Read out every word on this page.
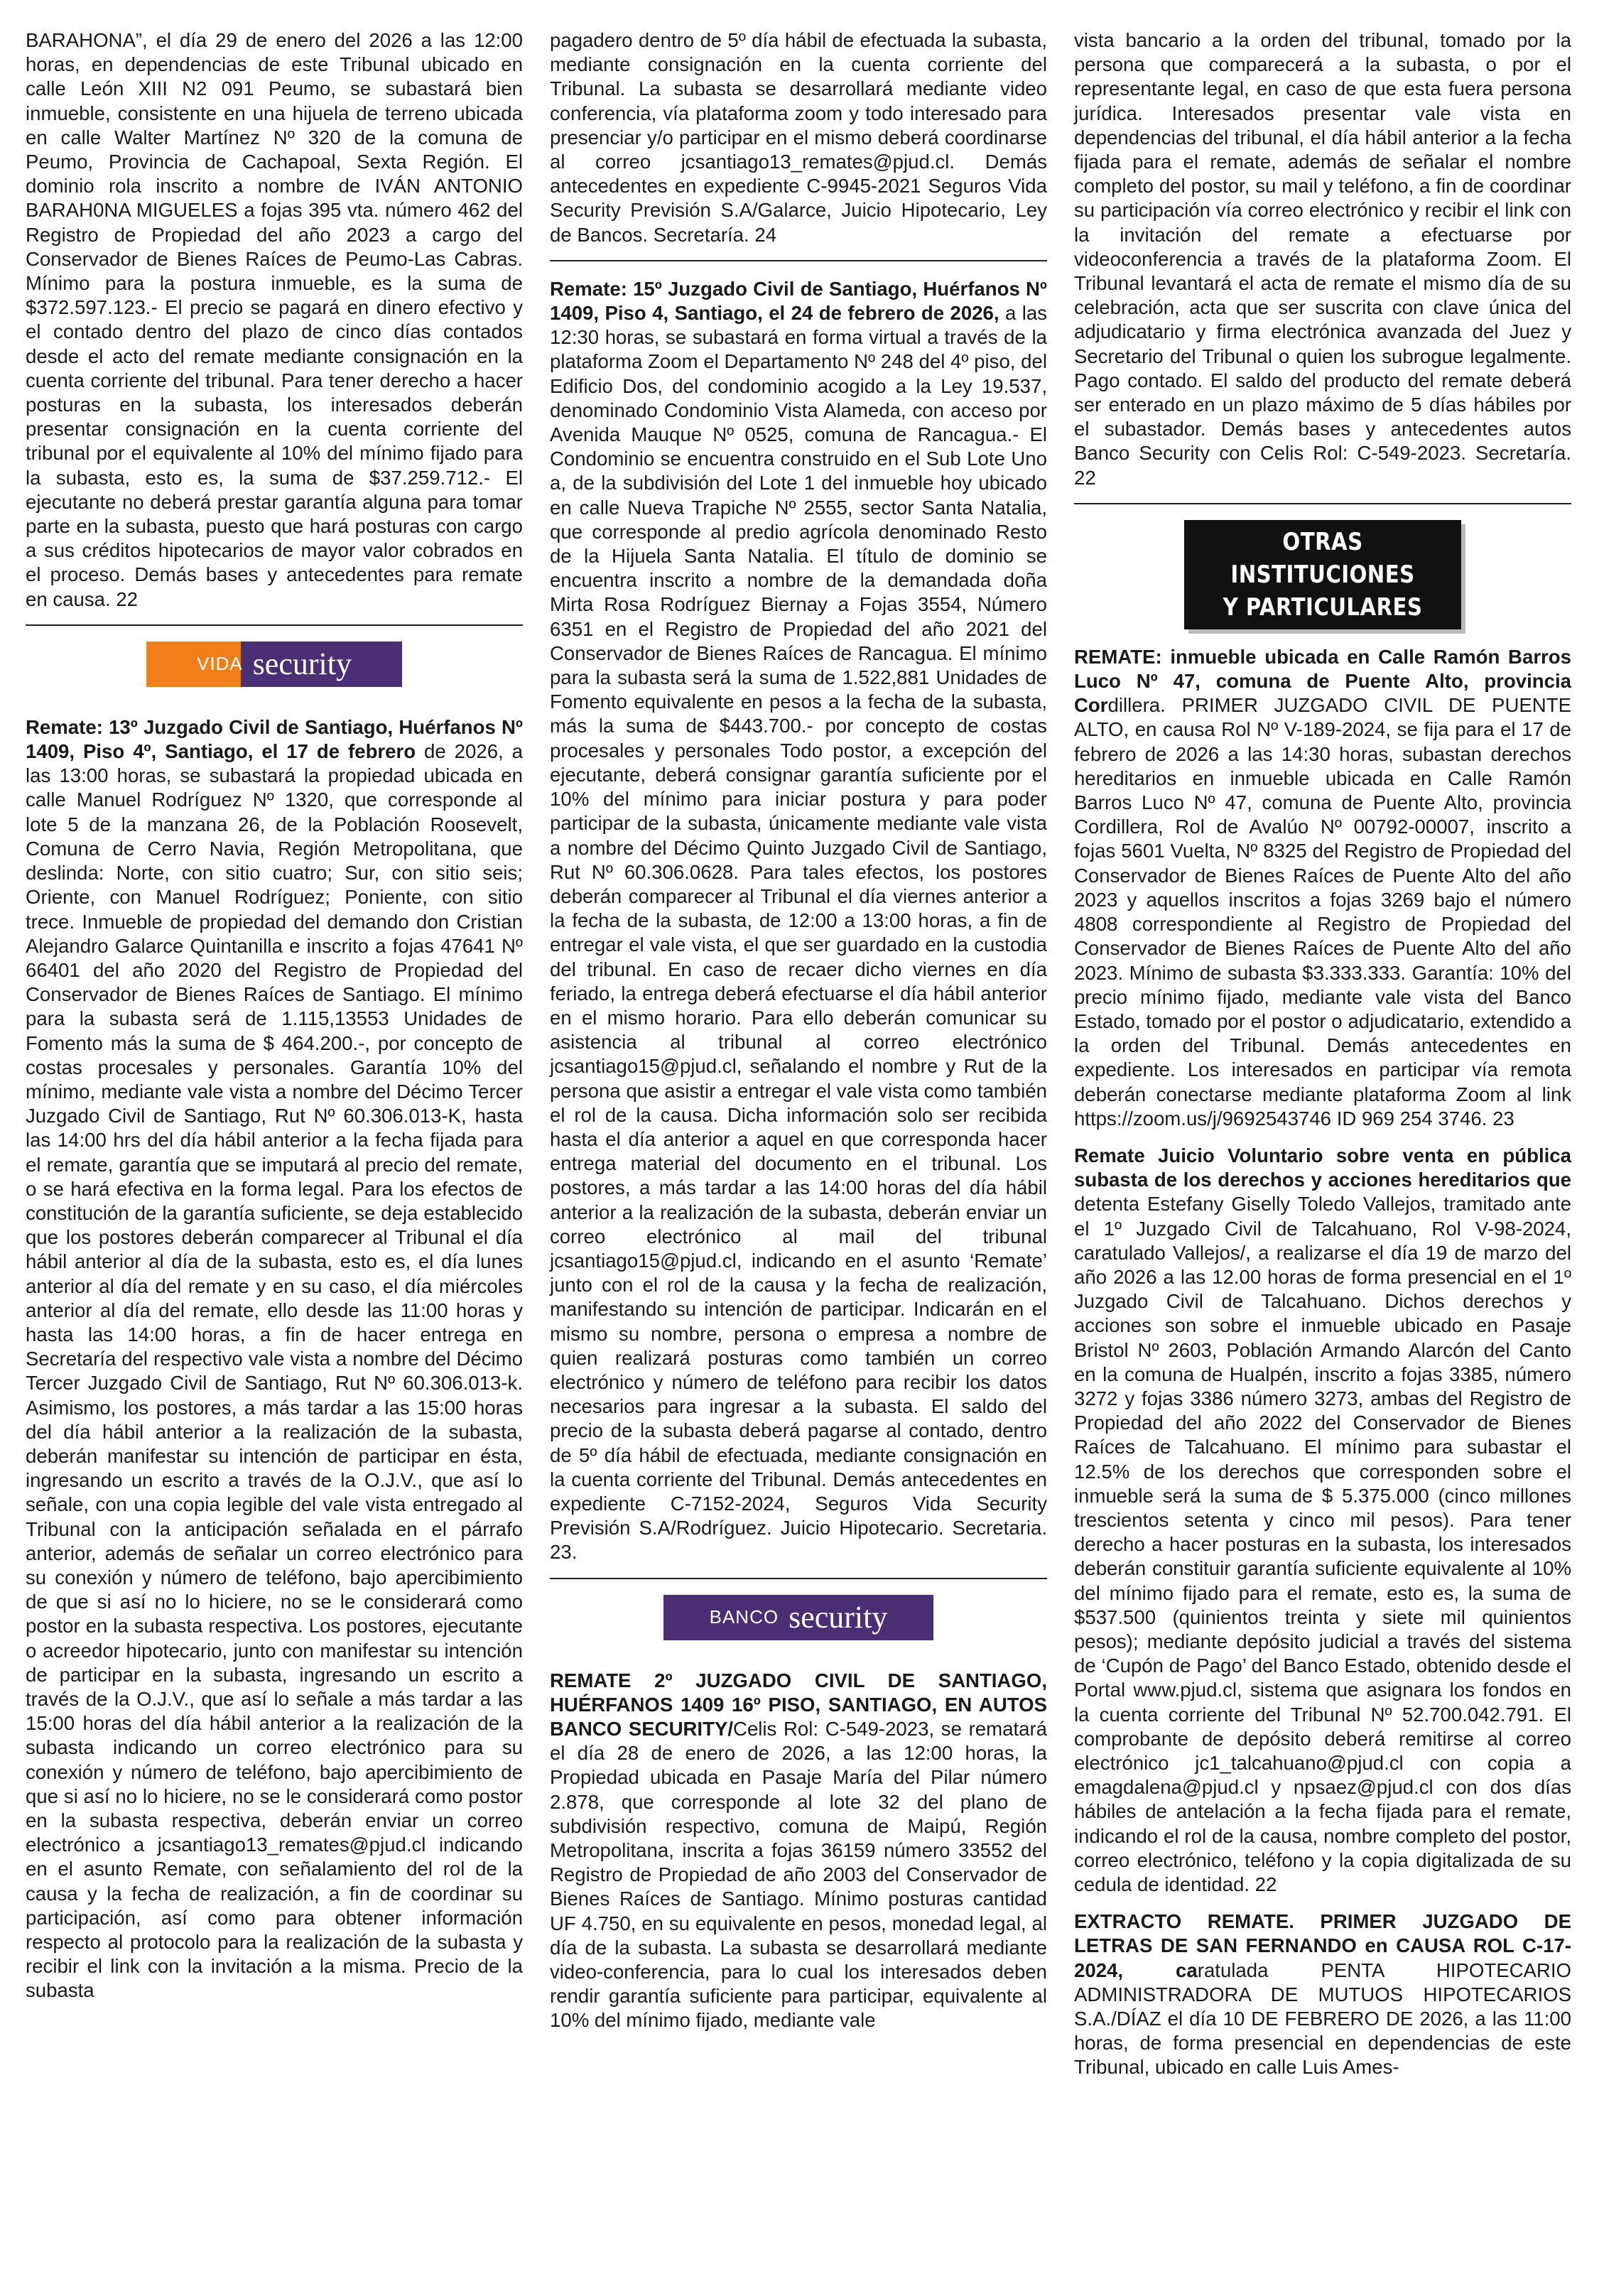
BARAHONA”, el día 29 de enero del 2026 a las 12:00 horas, en dependencias de este Tribunal ubicado en calle León XIII N2 091 Peumo, se subastará bien inmueble, consistente en una hijuela de terreno ubicada en calle Walter Martínez Nº 320 de la comuna de Peumo, Provincia de Cachapoal, Sexta Región. El dominio rola inscrito a nombre de IVÁN ANTONIO BARAH0NA MIGUELES a fojas 395 vta. número 462 del Registro de Propiedad del año 2023 a cargo del Conservador de Bienes Raíces de Peumo-Las Cabras. Mínimo para la postura inmueble, es la suma de $372.597.123.- El precio se pagará en dinero efectivo y el contado dentro del plazo de cinco días contados desde el acto del remate mediante consignación en la cuenta corriente del tribunal. Para tener derecho a hacer posturas en la subasta, los interesados deberán presentar consignación en la cuenta corriente del tribunal por el equivalente al 10% del mínimo fijado para la subasta, esto es, la suma de $37.259.712.- El ejecutante no deberá prestar garantía alguna para tomar parte en la subasta, puesto que hará posturas con cargo a sus créditos hipotecarios de mayor valor cobrados en el proceso. Demás bases y antecedentes para remate en causa. 22

VIDA security

Remate: 13º Juzgado Civil de Santiago, Huérfanos Nº 1409, Piso 4º, Santiago, el 17 de febrero de 2026, a las 13:00 horas, se subastará la propiedad ubicada en calle Manuel Rodríguez Nº 1320, que corresponde al lote 5 de la manzana 26, de la Población Roosevelt, Comuna de Cerro Navia, Región Metropolitana, que deslinda: Norte, con sitio cuatro; Sur, con sitio seis; Oriente, con Manuel Rodríguez; Poniente, con sitio trece. Inmueble de propiedad del demando don Cristian Alejandro Galarce Quintanilla e inscrito a fojas 47641 Nº 66401 del año 2020 del Registro de Propiedad del Conservador de Bienes Raíces de Santiago. El mínimo para la subasta será de 1.115,13553 Unidades de Fomento más la suma de $ 464.200.-, por concepto de costas procesales y personales. Garantía 10% del mínimo, mediante vale vista a nombre del Décimo Tercer Juzgado Civil de Santiago, Rut Nº 60.306.013-K, hasta las 14:00 hrs del día hábil anterior a la fecha fijada para el remate, garantía que se imputará al precio del remate, o se hará efectiva en la forma legal. Para los efectos de constitución de la garantía suficiente, se deja establecido que los postores deberán comparecer al Tribunal el día hábil anterior al día de la subasta, esto es, el día lunes anterior al día del remate y en su caso, el día miércoles anterior al día del remate, ello desde las 11:00 horas y hasta las 14:00 horas, a fin de hacer entrega en Secretaría del respectivo vale vista a nombre del Décimo Tercer Juzgado Civil de Santiago, Rut Nº 60.306.013-k. Asimismo, los postores, a más tardar a las 15:00 horas del día hábil anterior a la realización de la subasta, deberán manifestar su intención de participar en ésta, ingresando un escrito a través de la O.J.V., que así lo señale, con una copia legible del vale vista entregado al Tribunal con la anticipación señalada en el párrafo anterior, además de señalar un correo electrónico para su conexión y número de teléfono, bajo apercibimiento de que si así no lo hiciere, no se le considerará como postor en la subasta respectiva. Los postores, ejecutante o acreedor hipotecario, junto con manifestar su intención de participar en la subasta, ingresando un escrito a través de la O.J.V., que así lo señale a más tardar a las 15:00 horas del día hábil anterior a la realización de la subasta indicando un correo electrónico para su conexión y número de teléfono, bajo apercibimiento de que si así no lo hiciere, no se le considerará como postor en la subasta respectiva, deberán enviar un correo electrónico a jcsantiago13_remates@pjud.cl indicando en el asunto Remate, con señalamiento del rol de la causa y la fecha de realización, a fin de coordinar su participación, así como para obtener información respecto al protocolo para la realización de la subasta y recibir el link con la invitación a la misma. Precio de la subasta

pagadero dentro de 5º día hábil de efectuada la subasta, mediante consignación en la cuenta corriente del Tribunal. La subasta se desarrollará mediante video conferencia, vía plataforma zoom y todo interesado para presenciar y/o participar en el mismo deberá coordinarse al correo jcsantiago13_remates@pjud.cl. Demás antecedentes en expediente C-9945-2021 Seguros Vida Security Previsión S.A/Galarce, Juicio Hipotecario, Ley de Bancos. Secretaría. 24

Remate: 15º Juzgado Civil de Santiago, Huérfanos Nº 1409, Piso 4, Santiago, el 24 de febrero de 2026, a las 12:30 horas, se subastará en forma virtual a través de la plataforma Zoom el Departamento Nº 248 del 4º piso, del Edificio Dos, del condominio acogido a la Ley 19.537, denominado Condominio Vista Alameda, con acceso por Avenida Mauque Nº 0525, comuna de Rancagua.- El Condominio se encuentra construido en el Sub Lote Uno a, de la subdivisión del Lote 1 del inmueble hoy ubicado en calle Nueva Trapiche Nº 2555, sector Santa Natalia, que corresponde al predio agrícola denominado Resto de la Hijuela Santa Natalia. El título de dominio se encuentra inscrito a nombre de la demandada doña Mirta Rosa Rodríguez Biernay a Fojas 3554, Número 6351 en el Registro de Propiedad del año 2021 del Conservador de Bienes Raíces de Rancagua. El mínimo para la subasta será la suma de 1.522,881 Unidades de Fomento equivalente en pesos a la fecha de la subasta, más la suma de $443.700.- por concepto de costas procesales y personales Todo postor, a excepción del ejecutante, deberá consignar garantía suficiente por el 10% del mínimo para iniciar postura y para poder participar de la subasta, únicamente mediante vale vista a nombre del Décimo Quinto Juzgado Civil de Santiago, Rut Nº 60.306.0628. Para tales efectos, los postores deberán comparecer al Tribunal el día viernes anterior a la fecha de la subasta, de 12:00 a 13:00 horas, a fin de entregar el vale vista, el que ser guardado en la custodia del tribunal. En caso de recaer dicho viernes en día feriado, la entrega deberá efectuarse el día hábil anterior en el mismo horario. Para ello deberán comunicar su asistencia al tribunal al correo electrónico jcsantiago15@pjud.cl, señalando el nombre y Rut de la persona que asistir a entregar el vale vista como también el rol de la causa. Dicha información solo ser recibida hasta el día anterior a aquel en que corresponda hacer entrega material del documento en el tribunal. Los postores, a más tardar a las 14:00 horas del día hábil anterior a la realización de la subasta, deberán enviar un correo electrónico al mail del tribunal jcsantiago15@pjud.cl, indicando en el asunto ‘Remate’ junto con el rol de la causa y la fecha de realización, manifestando su intención de participar. Indicarán en el mismo su nombre, persona o empresa a nombre de quien realizará posturas como también un correo electrónico y número de teléfono para recibir los datos necesarios para ingresar a la subasta. El saldo del precio de la subasta deberá pagarse al contado, dentro de 5º día hábil de efectuada, mediante consignación en la cuenta corriente del Tribunal. Demás antecedentes en expediente C-7152-2024, Seguros Vida Security Previsión S.A/Rodríguez. Juicio Hipotecario. Secretaria. 23.

BANCO security

REMATE 2º JUZGADO CIVIL DE SANTIAGO, HUÉRFANOS 1409 16º PISO, SANTIAGO, EN AUTOS BANCO SECURITY/Celis Rol: C-549-2023, se rematará el día 28 de enero de 2026, a las 12:00 horas, la Propiedad ubicada en Pasaje María del Pilar número 2.878, que corresponde al lote 32 del plano de subdivisión respectivo, comuna de Maipú, Región Metropolitana, inscrita a fojas 36159 número 33552 del Registro de Propiedad de año 2003 del Conservador de Bienes Raíces de Santiago. Mínimo posturas cantidad UF 4.750, en su equivalente en pesos, monedad legal, al día de la subasta. La subasta se desarrollará mediante video-conferencia, para lo cual los interesados deben rendir garantía suficiente para participar, equivalente al 10% del mínimo fijado, mediante vale

vista bancario a la orden del tribunal, tomado por la persona que comparecerá a la subasta, o por el representante legal, en caso de que esta fuera persona jurídica. Interesados presentar vale vista en dependencias del tribunal, el día hábil anterior a la fecha fijada para el remate, además de señalar el nombre completo del postor, su mail y teléfono, a fin de coordinar su participación vía correo electrónico y recibir el link con la invitación del remate a efectuarse por videoconferencia a través de la plataforma Zoom. El Tribunal levantará el acta de remate el mismo día de su celebración, acta que ser suscrita con clave única del adjudicatario y firma electrónica avanzada del Juez y Secretario del Tribunal o quien los subrogue legalmente. Pago contado. El saldo del producto del remate deberá ser enterado en un plazo máximo de 5 días hábiles por el subastador. Demás bases y antecedentes autos Banco Security con Celis Rol: C-549-2023. Secretaría. 22

OTRAS INSTITUCIONES
Y PARTICULARES

REMATE: inmueble ubicada en Calle Ramón Barros Luco Nº 47, comuna de Puente Alto, provincia Cordillera. PRIMER JUZGADO CIVIL DE PUENTE ALTO, en causa Rol Nº V-189-2024, se fija para el 17 de febrero de 2026 a las 14:30 horas, subastan derechos hereditarios en inmueble ubicada en Calle Ramón Barros Luco Nº 47, comuna de Puente Alto, provincia Cordillera, Rol de Avalúo Nº 00792-00007, inscrito a fojas 5601 Vuelta, Nº 8325 del Registro de Propiedad del Conservador de Bienes Raíces de Puente Alto del año 2023 y aquellos inscritos a fojas 3269 bajo el número 4808 correspondiente al Registro de Propiedad del Conservador de Bienes Raíces de Puente Alto del año 2023. Mínimo de subasta $3.333.333. Garantía: 10% del precio mínimo fijado, mediante vale vista del Banco Estado, tomado por el postor o adjudicatario, extendido a la orden del Tribunal. Demás antecedentes en expediente. Los interesados en participar vía remota deberán conectarse mediante plataforma Zoom al link https://zoom.us/j/9692543746 ID 969 254 3746. 23

Remate Juicio Voluntario sobre venta en pública subasta de los derechos y acciones hereditarios que detenta Estefany Giselly Toledo Vallejos, tramitado ante el 1º Juzgado Civil de Talcahuano, Rol V-98-2024, caratulado Vallejos/, a realizarse el día 19 de marzo del año 2026 a las 12.00 horas de forma presencial en el 1º Juzgado Civil de Talcahuano. Dichos derechos y acciones son sobre el inmueble ubicado en Pasaje Bristol Nº 2603, Población Armando Alarcón del Canto en la comuna de Hualpén, inscrito a fojas 3385, número 3272 y fojas 3386 número 3273, ambas del Registro de Propiedad del año 2022 del Conservador de Bienes Raíces de Talcahuano. El mínimo para subastar el 12.5% de los derechos que corresponden sobre el inmueble será la suma de $ 5.375.000 (cinco millones trescientos setenta y cinco mil pesos). Para tener derecho a hacer posturas en la subasta, los interesados deberán constituir garantía suficiente equivalente al 10% del mínimo fijado para el remate, esto es, la suma de $537.500 (quinientos treinta y siete mil quinientos pesos); mediante depósito judicial a través del sistema de ‘Cupón de Pago’ del Banco Estado, obtenido desde el Portal www.pjud.cl, sistema que asignara los fondos en la cuenta corriente del Tribunal Nº 52.700.042.791. El comprobante de depósito deberá remitirse al correo electrónico jc1_talcahuano@pjud.cl con copia a emagdalena@pjud.cl y npsaez@pjud.cl con dos días hábiles de antelación a la fecha fijada para el remate, indicando el rol de la causa, nombre completo del postor, correo electrónico, teléfono y la copia digitalizada de su cedula de identidad. 22

EXTRACTO REMATE. PRIMER JUZGADO DE LETRAS DE SAN FERNANDO en CAUSA ROL C-17-2024, caratulada PENTA HIPOTECARIO ADMINISTRADORA DE MUTUOS HIPOTECARIOS S.A./DÍAZ el día 10 DE FEBRERO DE 2026, a las 11:00 horas, de forma presencial en dependencias de este Tribunal, ubicado en calle Luis Ames-
